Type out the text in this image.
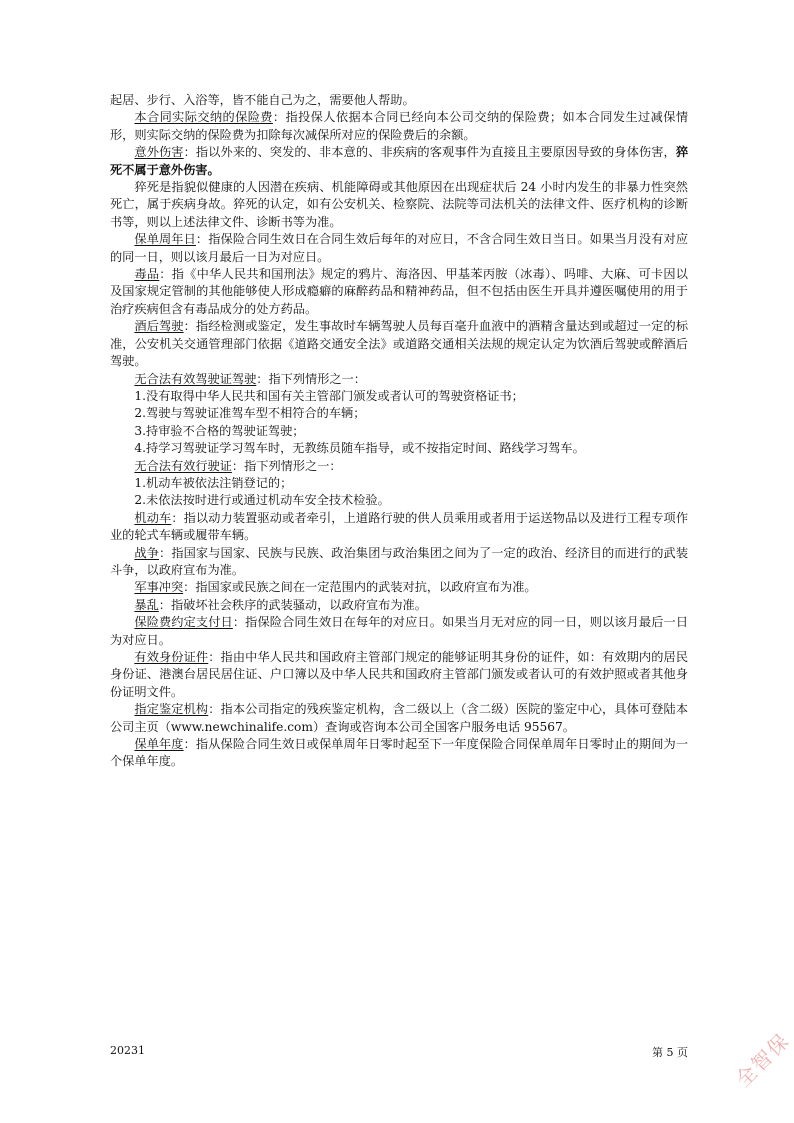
起居、步行、入浴等，皆不能自己为之，需要他人帮助。

本合同实际交纳的保险费：指投保人依据本合同已经向本公司交纳的保险费；如本合同发生过减保情形，则实际交纳的保险费为扣除每次减保所对应的保险费后的余额。

意外伤害：指以外来的、突发的、非本意的、非疾病的客观事件为直接且主要原因导致的身体伤害，猝死不属于意外伤害。

猝死是指貌似健康的人因潜在疾病、机能障碍或其他原因在出现症状后 24 小时内发生的非暴力性突然死亡，属于疾病身故。猝死的认定，如有公安机关、检察院、法院等司法机关的法律文件、医疗机构的诊断书等，则以上述法律文件、诊断书等为准。

保单周年日：指保险合同生效日在合同生效后每年的对应日，不含合同生效日当日。如果当月没有对应的同一日，则以该月最后一日为对应日。

毒品：指《中华人民共和国刑法》规定的鸦片、海洛因、甲基苯丙胺（冰毒）、吗啡、大麻、可卡因以及国家规定管制的其他能够使人形成瘾癖的麻醉药品和精神药品，但不包括由医生开具并遵医嘱使用的用于治疗疾病但含有毒品成分的处方药品。

酒后驾驶：指经检测或鉴定，发生事故时车辆驾驶人员每百毫升血液中的酒精含量达到或超过一定的标准，公安机关交通管理部门依据《道路交通安全法》或道路交通相关法规的规定认定为饮酒后驾驶或醉酒后驾驶。

无合法有效驾驶证驾驶：指下列情形之一：

1.没有取得中华人民共和国有关主管部门颁发或者认可的驾驶资格证书；

2.驾驶与驾驶证准驾车型不相符合的车辆；

3.持审验不合格的驾驶证驾驶；

4.持学习驾驶证学习驾车时，无教练员随车指导，或不按指定时间、路线学习驾车。

无合法有效行驶证：指下列情形之一：

1.机动车被依法注销登记的；

2.未依法按时进行或通过机动车安全技术检验。

机动车：指以动力装置驱动或者牵引，上道路行驶的供人员乘用或者用于运送物品以及进行工程专项作业的轮式车辆或履带车辆。

战争：指国家与国家、民族与民族、政治集团与政治集团之间为了一定的政治、经济目的而进行的武装斗争，以政府宣布为准。

军事冲突：指国家或民族之间在一定范围内的武装对抗，以政府宣布为准。

暴乱：指破坏社会秩序的武装骚动，以政府宣布为准。

保险费约定支付日：指保险合同生效日在每年的对应日。如果当月无对应的同一日，则以该月最后一日为对应日。

有效身份证件：指由中华人民共和国政府主管部门规定的能够证明其身份的证件，如：有效期内的居民身份证、港澳台居民居住证、户口簿以及中华人民共和国政府主管部门颁发或者认可的有效护照或者其他身份证明文件。

指定鉴定机构：指本公司指定的残疾鉴定机构，含二级以上（含二级）医院的鉴定中心，具体可登陆本公司主页（www.newchinalife.com）查询或咨询本公司全国客户服务电话 95567。

保单年度：指从保险合同生效日或保单周年日零时起至下一年度保险合同保单周年日零时止的期间为一个保单年度。

20231	第 5 页 全智保
